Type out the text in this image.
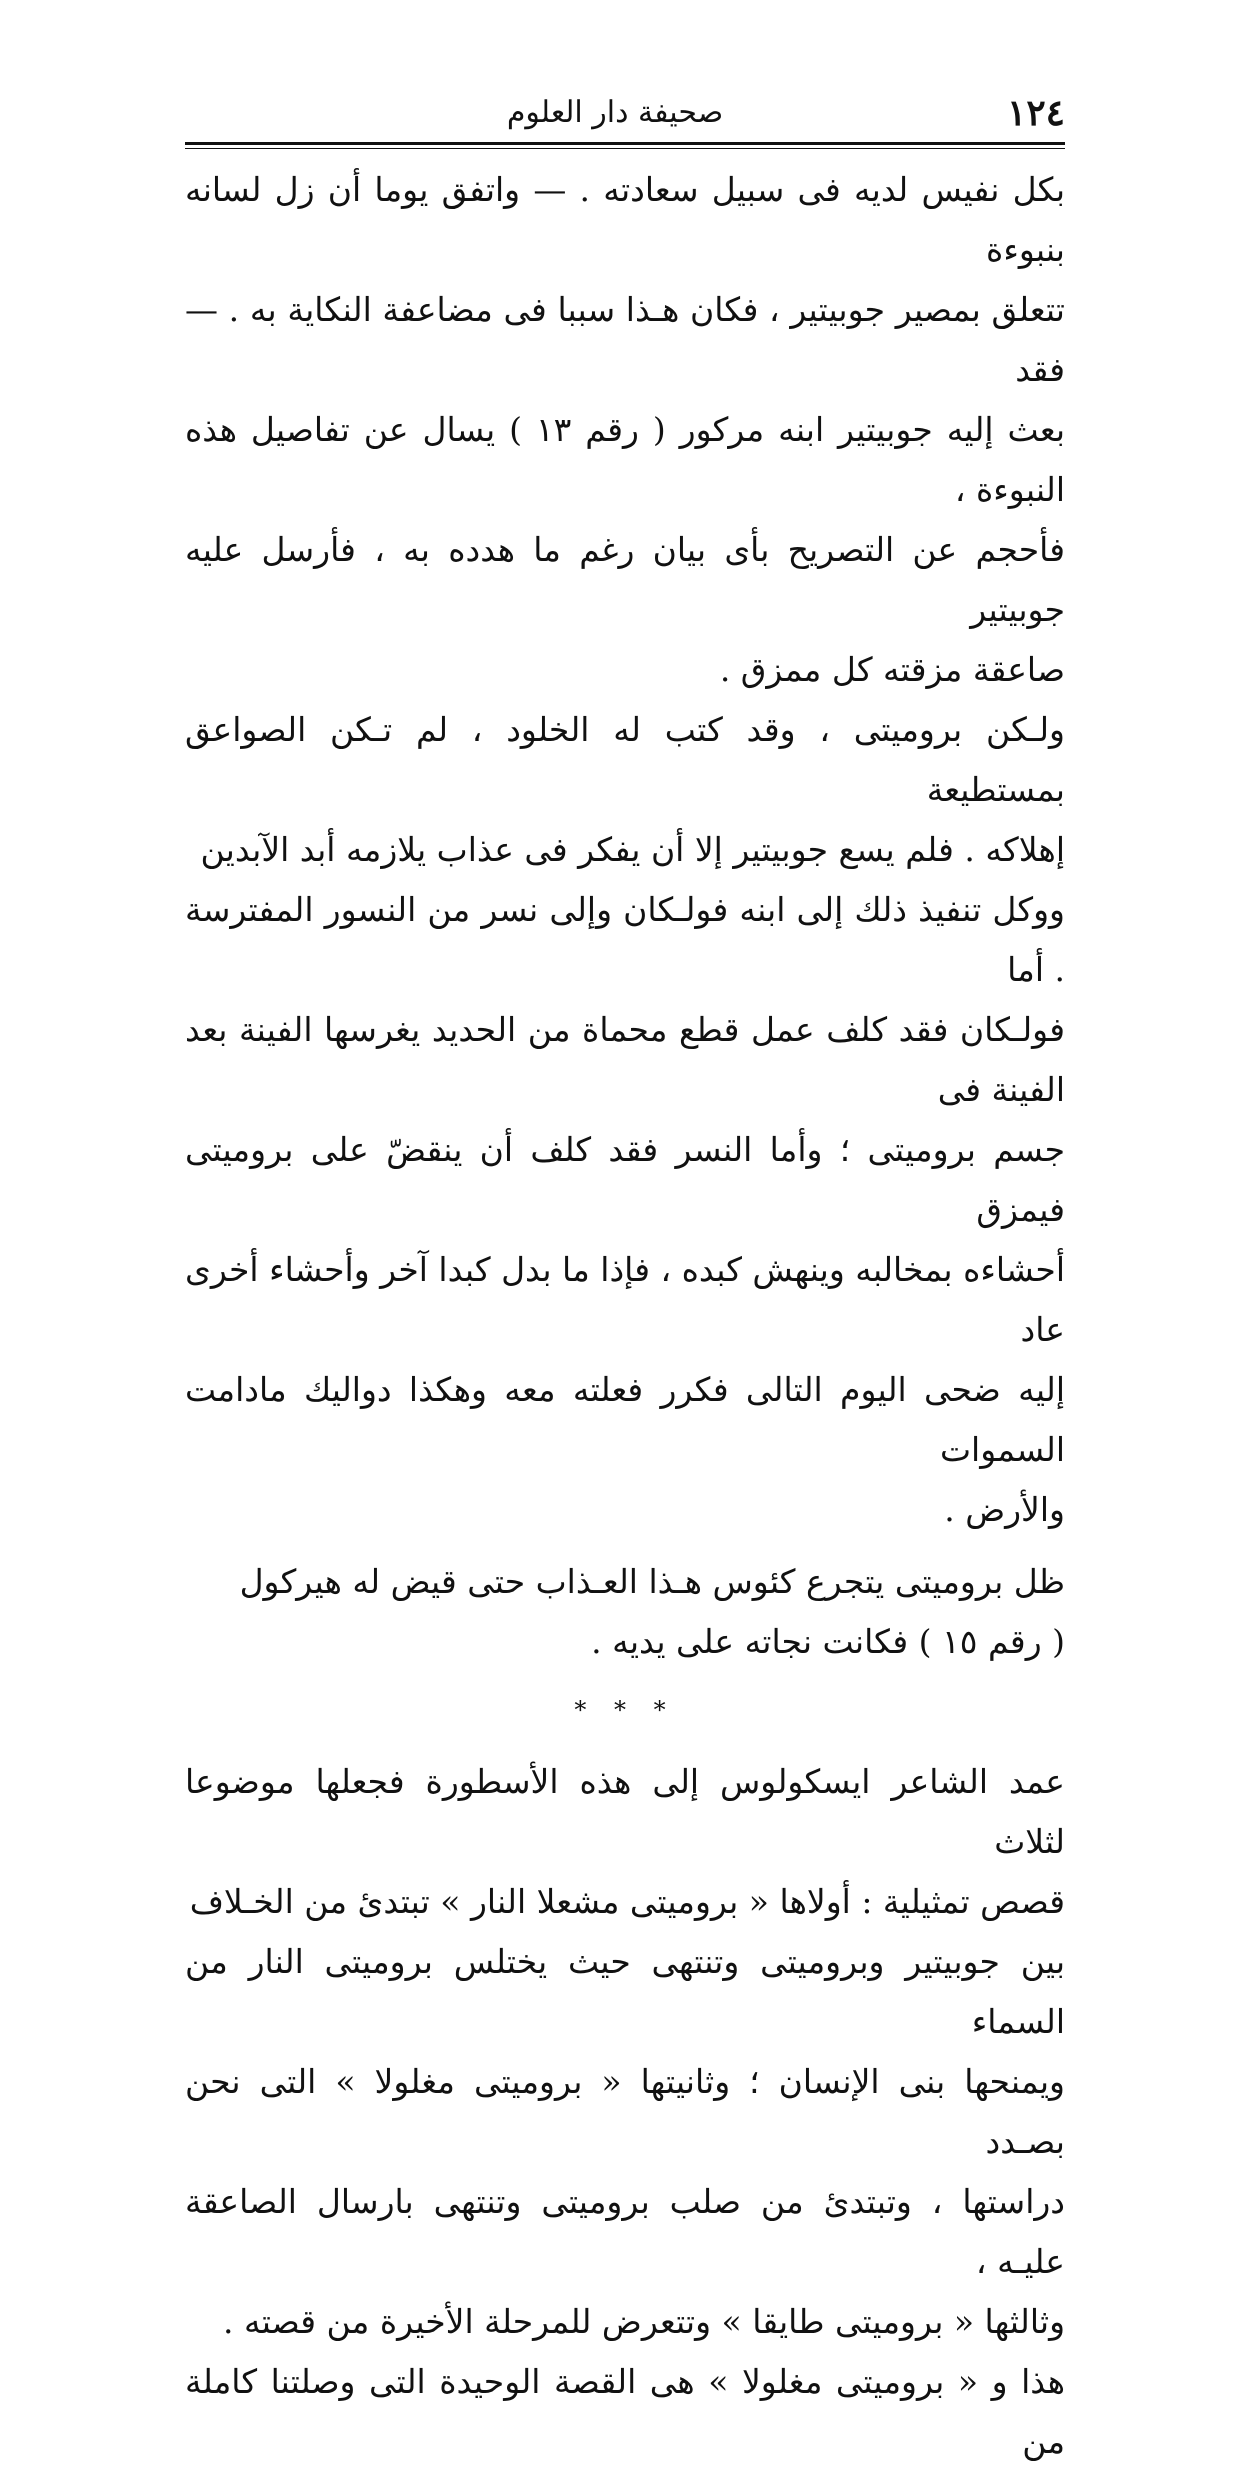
١٢٤
صحيفة دار العلوم

بكل نفيس لديه فى سبيل سعادته . — واتفق يوما أن زل لسانه بنبوءة
تتعلق بمصير جوبيتير ، فكان هـذا سببا فى مضاعفة النكاية به . — فقد
بعث إليه جوبيتير ابنه مركور ( رقم ١٣ ) يسال عن تفاصيل هذه النبوءة ،
فأحجم عن التصريح بأى بيان رغم ما هدده به ، فأرسل عليه جوبيتير
صاعقة مزقته كل ممزق .

ولـكن بروميتى ، وقد كتب له الخلود ، لم تـكن الصواعق بمستطيعة
إهلاكه . فلم يسع جوبيتير إلا أن يفكر فى عذاب يلازمه أبد الآبدين
ووكل تنفيذ ذلك إلى ابنه فولـكان وإلى نسر من النسور المفترسة . أما
فولـكان فقد كلف عمل قطع محماة من الحديد يغرسها الفينة بعد الفينة فى
جسم بروميتى ؛ وأما النسر فقد كلف أن ينقضّ على بروميتى فيمزق
أحشاءه بمخالبه وينهش كبده ، فإذا ما بدل كبدا آخر وأحشاء أخرى عاد
إليه ضحى اليوم التالى فكرر فعلته معه وهكذا دواليك مادامت السموات
والأرض .

ظل بروميتى يتجرع كئوس هـذا العـذاب حتى قيض له هيركول
( رقم ١٥ ) فكانت نجاته على يديه .

* * *

عمد الشاعر ايسكولوس إلى هذه الأسطورة فجعلها موضوعا لثلاث
قصص تمثيلية : أولاها « بروميتى مشعلا النار » تبتدئ من الخـلاف
بين جوبيتير وبروميتى وتنتهى حيث يختلس بروميتى النار من السماء
ويمنحها بنى الإنسان ؛ وثانيتها « بروميتى مغلولا » التى نحن بصـدد
دراستها ، وتبتدئ من صلب بروميتى وتنتهى بارسال الصاعقة عليـه ،
وثالثها « بروميتى طايقا » وتتعرض للمرحلة الأخيرة من قصته .

هذا و « بروميتى مغلولا » هى القصة الوحيدة التى وصلتنا كاملة من
